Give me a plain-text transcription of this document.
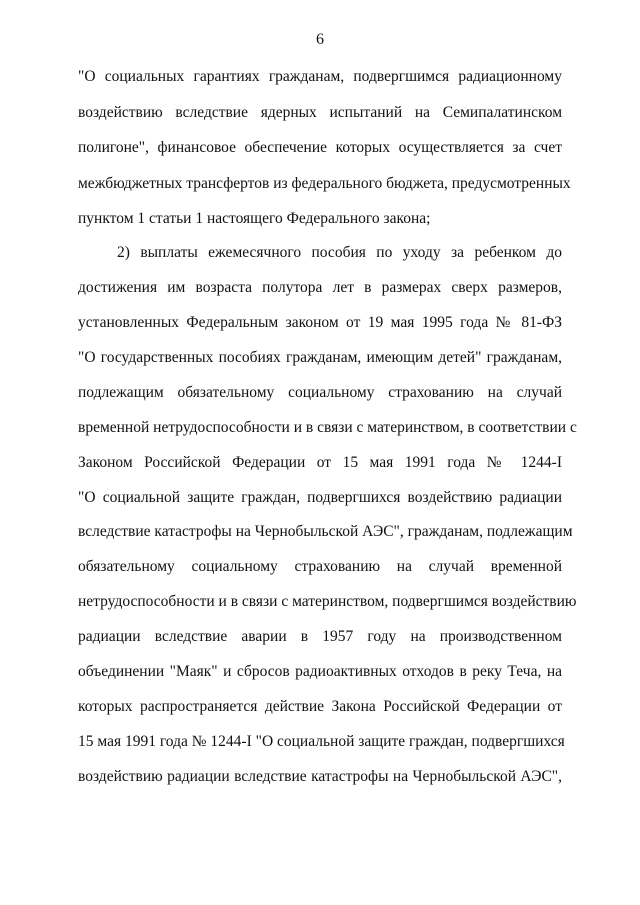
6
"О социальных гарантиях гражданам, подвергшимся радиационному
воздействию вследствие ядерных испытаний на Семипалатинском
полигоне", финансовое обеспечение которых осуществляется за счет
межбюджетных трансфертов из федерального бюджета, предусмотренных
пунктом 1 статьи 1 настоящего Федерального закона;
2) выплаты ежемесячного пособия по уходу за ребенком до
достижения им возраста полутора лет в размерах сверх размеров,
установленных Федеральным законом от 19 мая 1995 года № 81-ФЗ
"О государственных пособиях гражданам, имеющим детей" гражданам,
подлежащим обязательному социальному страхованию на случай
временной нетрудоспособности и в связи с материнством, в соответствии с
Законом Российской Федерации от 15 мая 1991 года № 1244-I
"О социальной защите граждан, подвергшихся воздействию радиации
вследствие катастрофы на Чернобыльской АЭС", гражданам, подлежащим
обязательному социальному страхованию на случай временной
нетрудоспособности и в связи с материнством, подвергшимся воздействию
радиации вследствие аварии в 1957 году на производственном
объединении "Маяк" и сбросов радиоактивных отходов в реку Теча, на
которых распространяется действие Закона Российской Федерации от
15 мая 1991 года № 1244-I "О социальной защите граждан, подвергшихся
воздействию радиации вследствие катастрофы на Чернобыльской АЭС",
